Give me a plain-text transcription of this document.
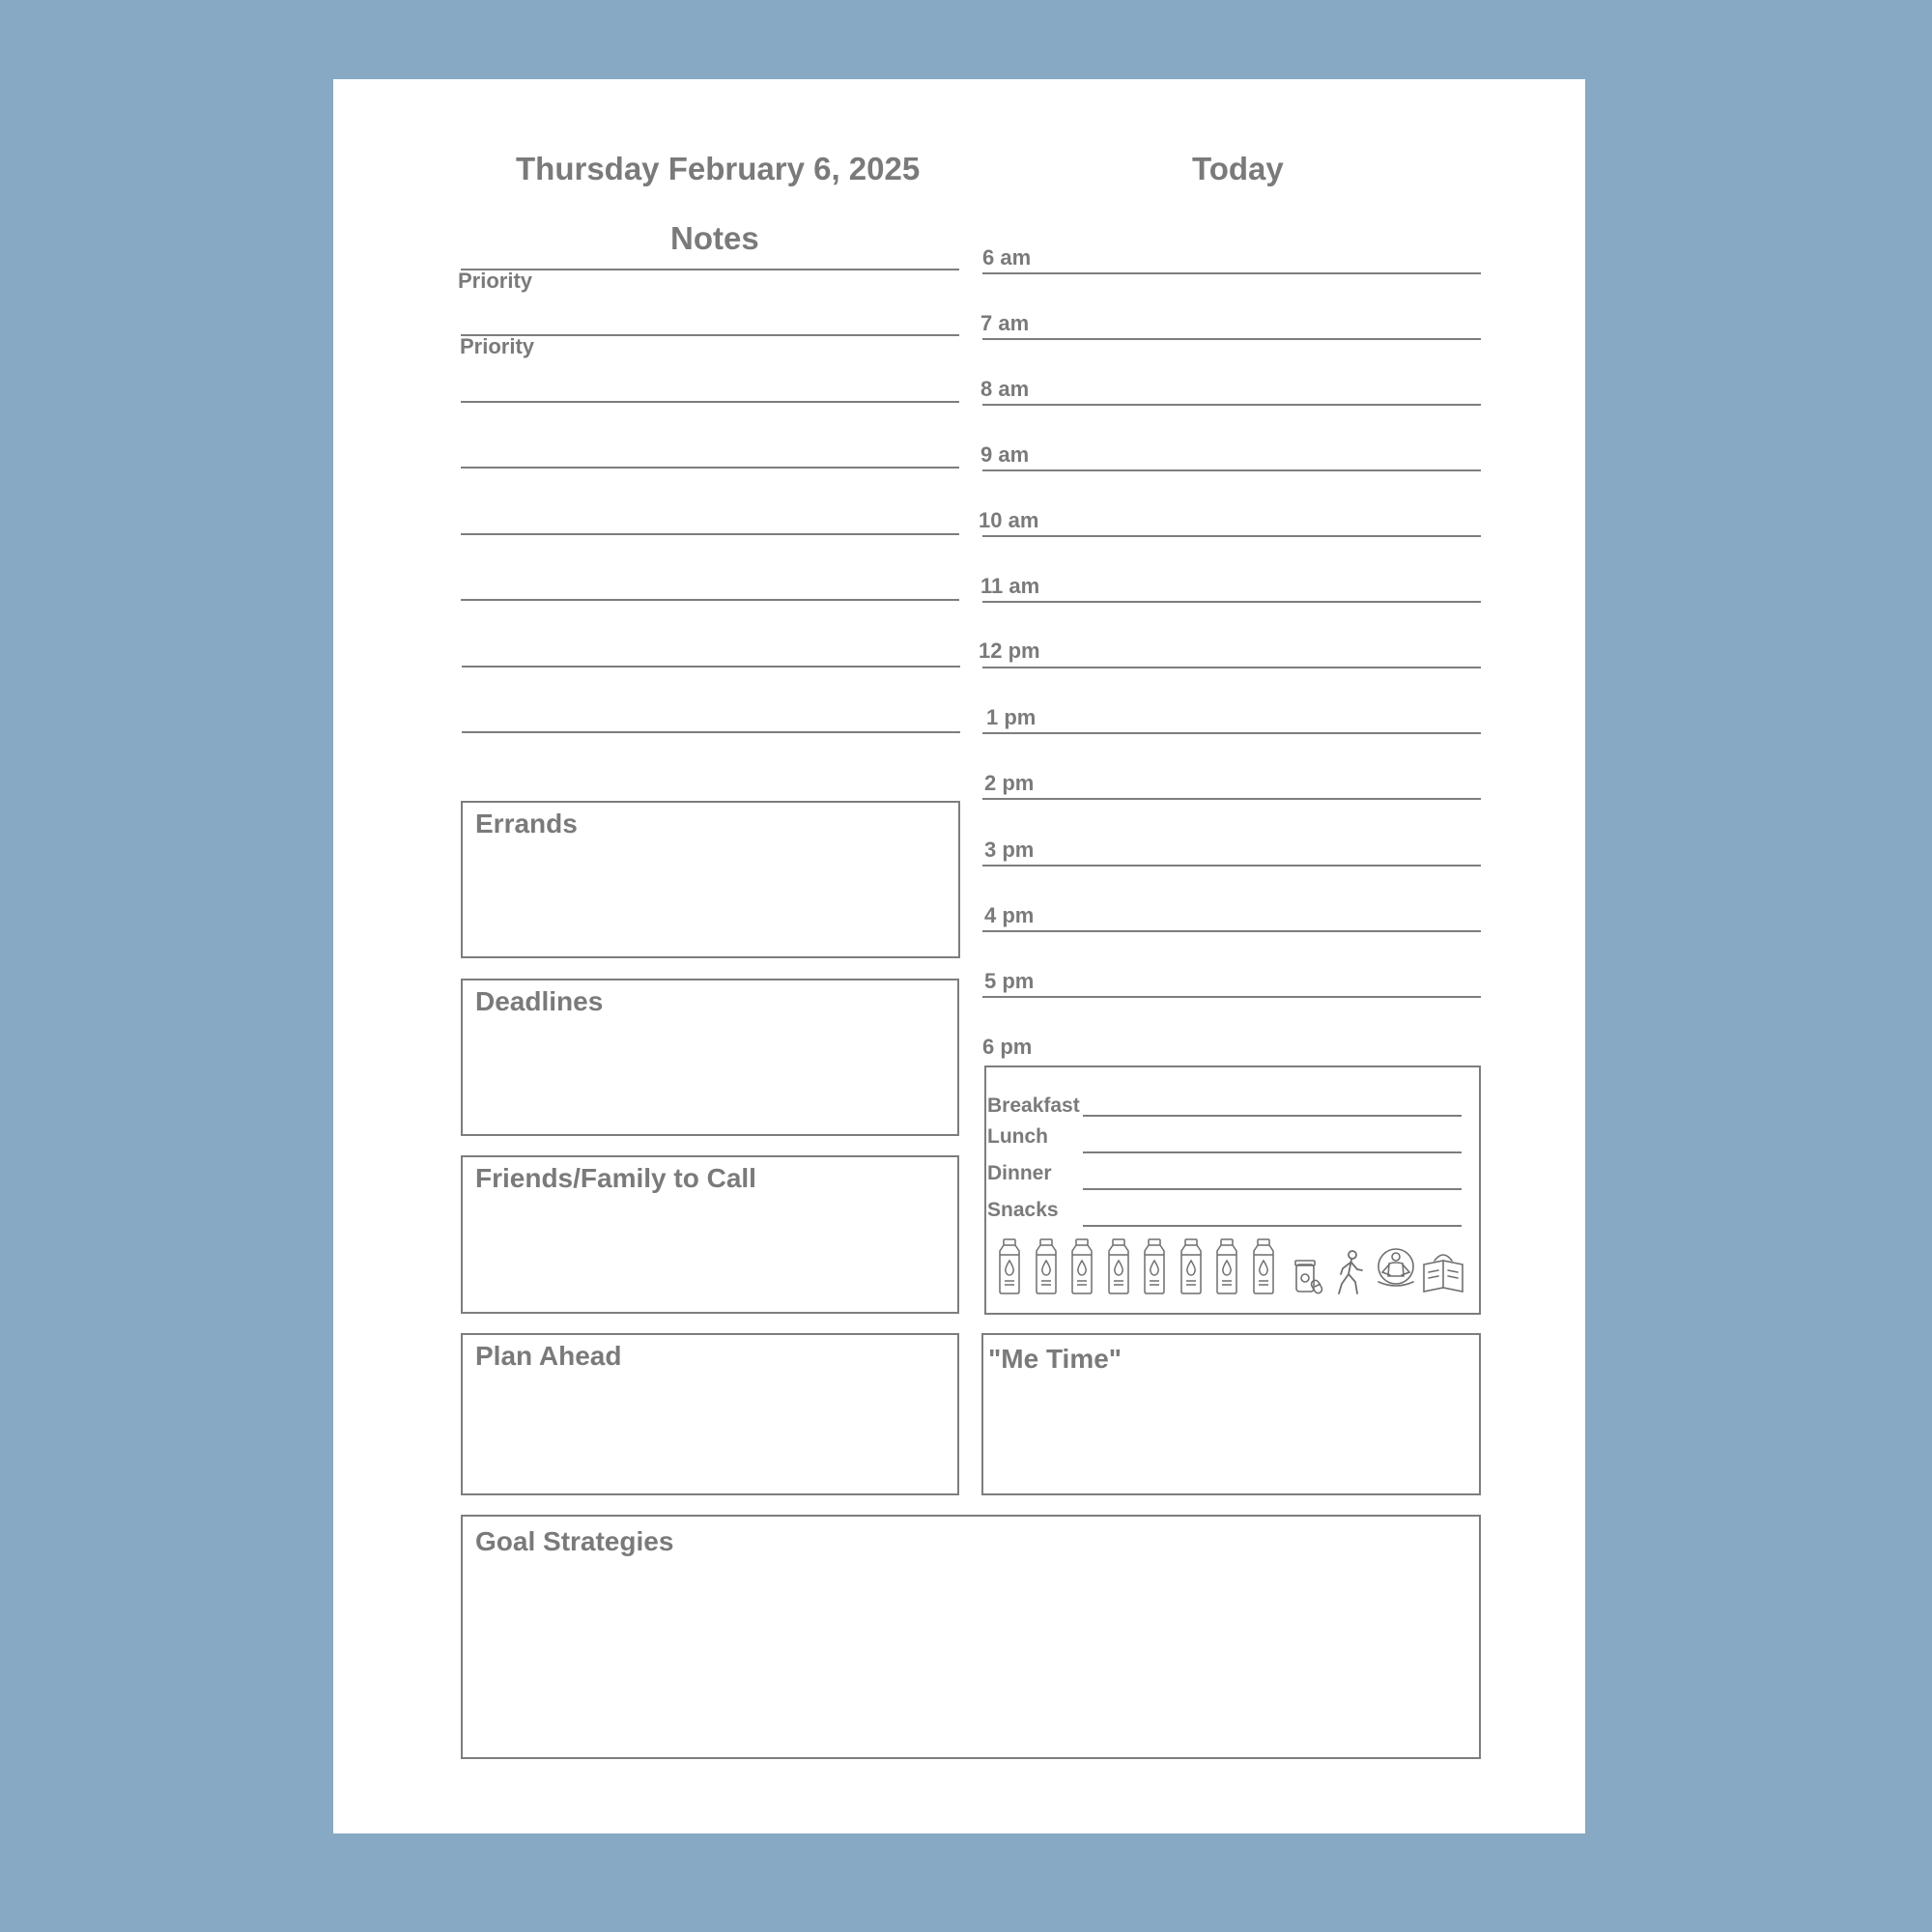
Thursday February 6, 2025	Today
Notes
Priority
Priority
Errands
Deadlines
Friends/Family to Call
Plan Ahead
6 am
7 am
8 am
9 am
10 am
11 am
12 pm
1 pm
2 pm
3 pm
4 pm
5 pm
6 pm
Breakfast
Lunch
Dinner
Snacks
"Me Time"
Goal Strategies
